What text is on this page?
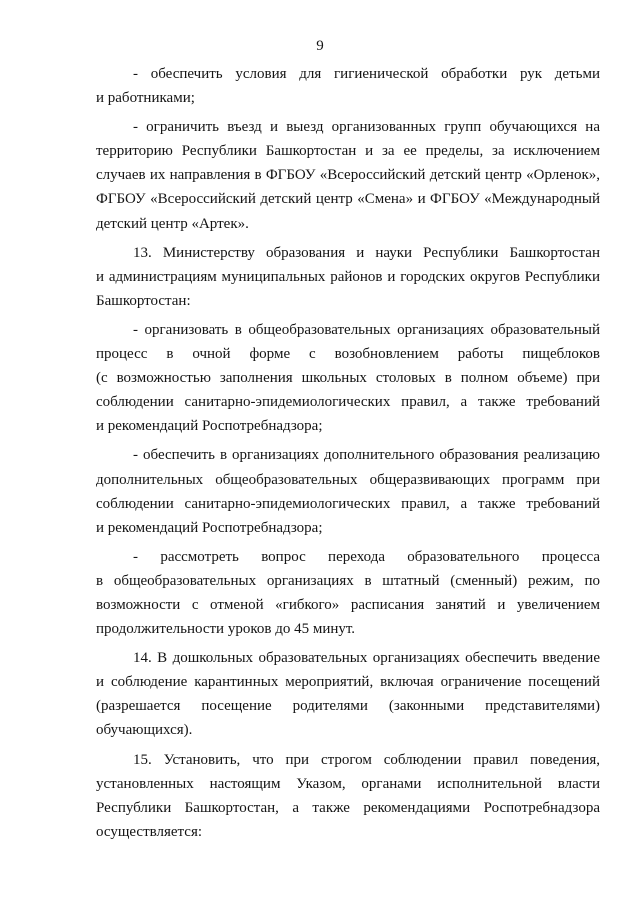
9
- обеспечить условия для гигиенической обработки рук детьми
и работниками;
- ограничить въезд и выезд организованных групп обучающихся на
территорию Республики Башкортостан и за ее пределы, за исключением
случаев их направления в ФГБОУ «Всероссийский детский центр «Орленок»,
ФГБОУ «Всероссийский детский центр «Смена» и ФГБОУ «Международный
детский центр «Артек».
13. Министерству образования и науки Республики Башкортостан
и администрациям муниципальных районов и городских округов Республики
Башкортостан:
- организовать в общеобразовательных организациях образовательный
процесс в очной форме с возобновлением работы пищеблоков
(с возможностью заполнения школьных столовых в полном объеме) при
соблюдении санитарно-эпидемиологических правил, а также требований
и рекомендаций Роспотребнадзора;
- обеспечить в организациях дополнительного образования реализацию
дополнительных общеобразовательных общеразвивающих программ при
соблюдении санитарно-эпидемиологических правил, а также требований
и рекомендаций Роспотребнадзора;
- рассмотреть вопрос перехода образовательного процесса
в общеобразовательных организациях в штатный (сменный) режим, по
возможности с отменой «гибкого» расписания занятий и увеличением
продолжительности уроков до 45 минут.
14. В дошкольных образовательных организациях обеспечить введение
и соблюдение карантинных мероприятий, включая ограничение посещений
(разрешается посещение родителями (законными представителями)
обучающихся).
15. Установить, что при строгом соблюдении правил поведения,
установленных настоящим Указом, органами исполнительной власти
Республики Башкортостан, а также рекомендациями Роспотребнадзора
осуществляется:
